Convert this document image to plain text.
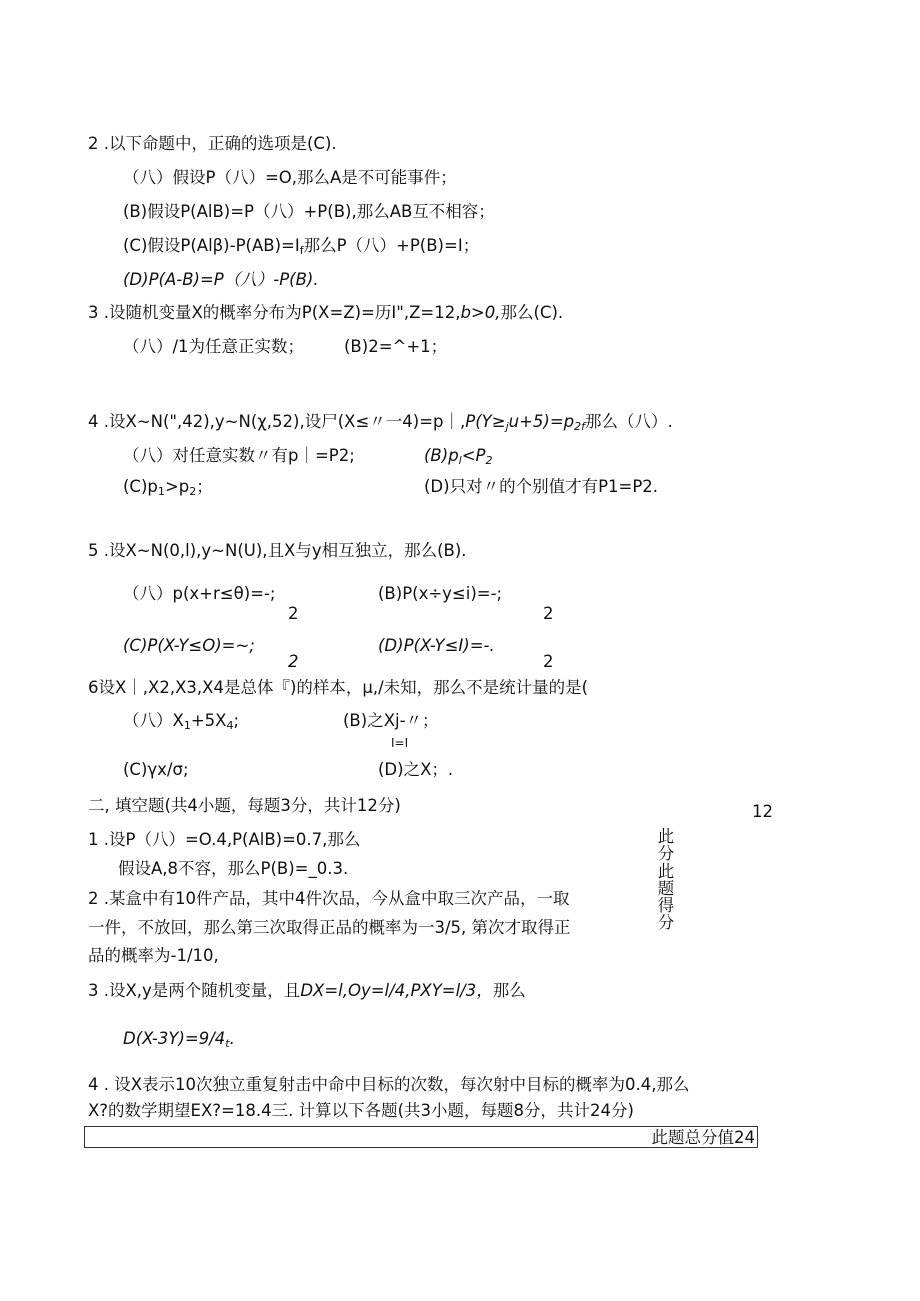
2 .以下命题中，正确的选项是(C).
（八）假设P（八）=O,那么A是不可能事件；
(B)假设P(AlB)=P（八）+P(B),那么AB互不相容；
(C)假设$P(Al\beta)-P(AB)=I_f$那么P（八）+P(B)=I；
(D)P(A-B)=P（八）-P(B).
3 .设随机变量X的概率分布为P(X=Z)=历I",Z=12,b>0,那么(C).
（八）/1为任意正实数； (B)2=^+1；
4 .设X~N(",42),y~N(χ,52),设尸(X≤〃一$4)=p|,P(Y\ge_ju+5)=p_{2f}$那么（八）.
（八）对任意实数〃有p｜=P2;	$(B)p_l<P_2$
$(C)p_1>p_2$；	(D)只对〃的个别值才有P1=P2.
5 .设X~N(0,l),y~N(U),且X与y相互独立，那么(B).
（八）p(x+r≤θ)=-;
2
(B)P(x÷y≤i)=-;
2
(C)P(X-Y≤O)=~;
2
(D)P(X-Y≤I)=-.
2
6设X｜,X2,X3,X4是总体『)的样本，μ,/未知，那么不是统计量的是(
（八）$X_1+5X_4$;	(B)之Xj-〃；
I=I
(C)γx/σ;	(D)之X；.
二, 填空题(共4小题，每题3分，共计12分)	12
此
分
此
题
得
分
1 .设P（八）=O.4,P(AlB)=0.7,那么
假设A,8不容，那么P(B)=_0.3.
2 .某盒中有10件产品，其中4件次品，今从盒中取三次产品，一取
一件，不放回，那么第三次取得正品的概率为一3/5, 第次才取得正
品的概率为-1/10,
3 .设X,y是两个随机变量，且DX=l,Oy=l/4,PXY=l/3，那么
$D(X-3Y)=9/4_t$.
4 . 设X表示10次独立重复射击中命中目标的次数，每次射中目标的概率为0.4,那么
X?的数学期望EX?=18.4三. 计算以下各题(共3小题，每题8分，共计24分)
此题总分值24
